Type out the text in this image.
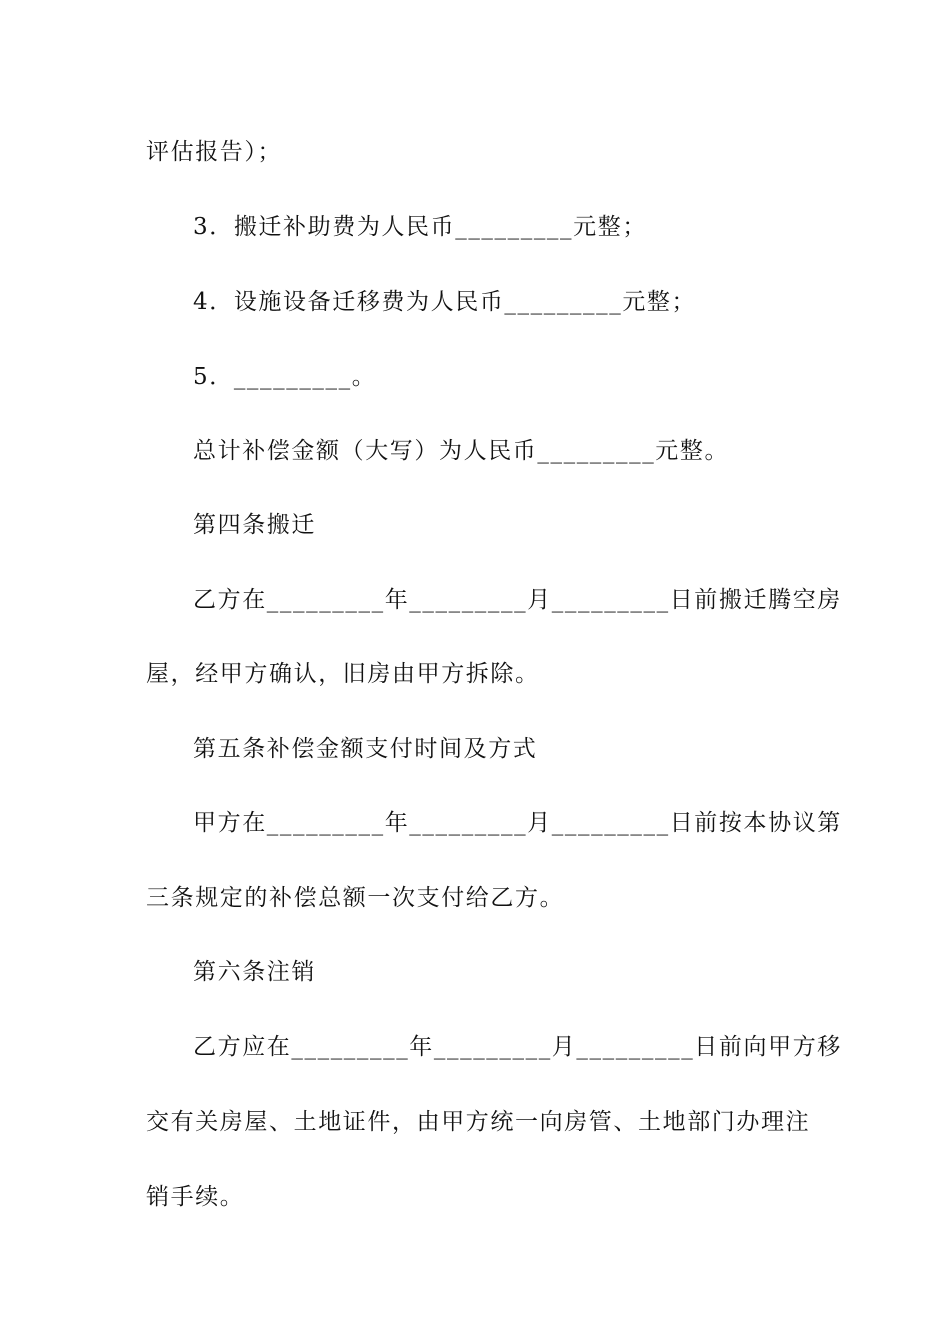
评估报告）；
3．搬迁补助费为人民币_________元整；
4．设施设备迁移费为人民币_________元整；
5．_________。
总计补偿金额（大写）为人民币_________元整。
第四条搬迁
乙方在_________年_________月_________日前搬迁腾空房
屋，经甲方确认，旧房由甲方拆除。
第五条补偿金额支付时间及方式
甲方在_________年_________月_________日前按本协议第
三条规定的补偿总额一次支付给乙方。
第六条注销
乙方应在_________年_________月_________日前向甲方移
交有关房屋、土地证件，由甲方统一向房管、土地部门办理注
销手续。
